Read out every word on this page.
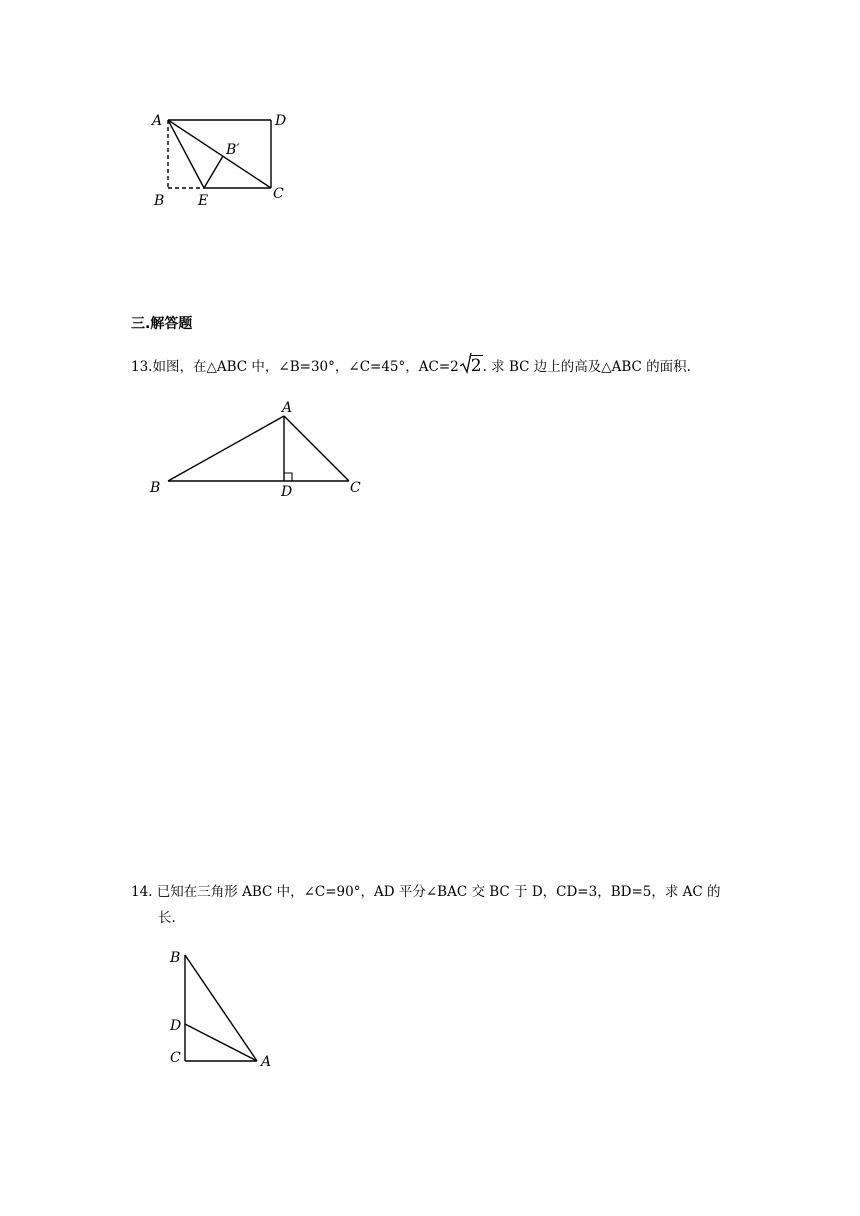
A	D
B′
B E	C
三.解答题
13.如图，在△ABC 中，∠B=30°，∠C=45°，AC=2 2. 求 BC 边上的高及△ABC 的面积.
A
B	D	C
14. 已知在三角形 ABC 中，∠C=90°，AD 平分∠BAC 交 BC 于 D，CD=3，BD=5，求 AC 的
长.
B
D
C	A
